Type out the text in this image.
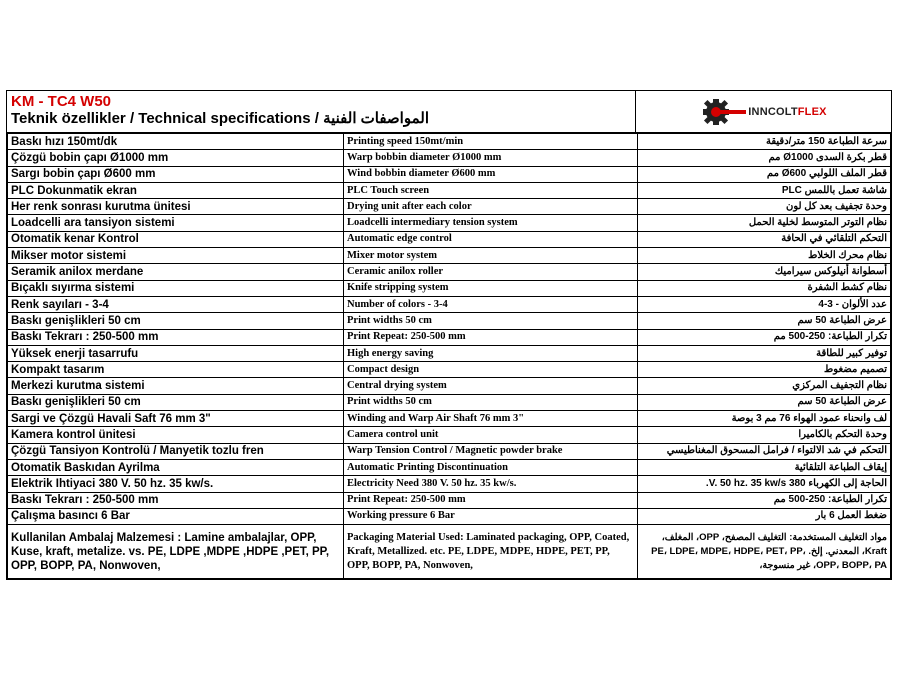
KM - TC4 W50
Teknik özellikler / Technical specifications / المواصفات الفنية	INNCOLTFLEX
Baskı hızı 150mt/dk	Printing speed 150mt/min	سرعة الطباعة 150 متر/دقيقة
Çözgü bobin çapı Ø1000 mm	Warp bobbin diameter Ø1000 mm	قطر بكرة السدى Ø1000 مم
Sargı bobin çapı Ø600 mm	Wind bobbin diameter Ø600 mm	قطر الملف اللولبي Ø600 مم
PLC Dokunmatik ekran	PLC Touch screen	شاشة تعمل باللمس PLC
Her renk sonrası kurutma ünitesi	Drying unit after each color	وحدة تجفيف بعد كل لون
Loadcelli ara tansiyon sistemi	Loadcelli intermediary tension system	نظام التوتر المتوسط لخلية الحمل
Otomatik kenar Kontrol	Automatic edge control	التحكم التلقائي في الحافة
Mikser motor sistemi	Mixer motor system	نظام محرك الخلاط
Seramik anilox merdane	Ceramic anilox roller	أسطوانة أنيلوكس سيراميك
Bıçaklı sıyırma sistemi	Knife stripping system	نظام كشط الشفرة
Renk sayıları - 3-4	Number of colors - 3-4	عدد الألوان - 3-4
Baskı genişlikleri 50 cm	Print widths 50 cm	عرض الطباعة 50 سم
Baskı Tekrarı : 250-500 mm	Print Repeat: 250-500 mm	تكرار الطباعة: 250-500 مم
Yüksek enerji tasarrufu	High energy saving	توفير كبير للطاقة
Kompakt tasarım	Compact design	تصميم مضغوط
Merkezi kurutma sistemi	Central drying system	نظام التجفيف المركزي
Baskı genişlikleri 50 cm	Print widths 50 cm	عرض الطباعة 50 سم
Sargi ve Çözgü Havali Saft 76 mm 3"	Winding and Warp Air Shaft 76 mm 3"	لف وانحناء عمود الهواء 76 مم 3 بوصة
Kamera kontrol ünitesi	Camera control unit	وحدة التحكم بالكاميرا
Çözgü Tansiyon Kontrolü / Manyetik tozlu fren	Warp Tension Control / Magnetic powder brake	التحكم في شد الالتواء / فرامل المسحوق المغناطيسي
Otomatik Baskıdan Ayrilma	Automatic Printing Discontinuation	إيقاف الطباعة التلقائية
Elektrik Ihtiyaci 380 V. 50 hz. 35 kw/s.	Electricity Need 380 V. 50 hz. 35 kw/s.	الحاجة إلى الكهرباء 380 V. 50 hz. 35 kw/s.
Baskı Tekrarı : 250-500 mm	Print Repeat: 250-500 mm	تكرار الطباعة: 250-500 مم
Çalışma basıncı 6 Bar	Working pressure 6 Bar	ضغط العمل 6 بار
Kullanilan Ambalaj Malzemesi : Lamine ambalajlar, OPP, Kuse, kraft, metalize. vs. PE, LDPE ,MDPE ,HDPE ,PET, PP, OPP, BOPP, PA, Nonwoven,	Packaging Material Used: Laminated packaging, OPP, Coated, Kraft, Metallized. etc. PE, LDPE, MDPE, HDPE, PET, PP, OPP, BOPP, PA, Nonwoven,	مواد التغليف المستخدمة: التغليف المصفح، OPP، المغلف، Kraft، المعدني. إلخ. PE، LDPE، MDPE، HDPE، PET، PP، OPP، BOPP، PA، غير منسوجة،
